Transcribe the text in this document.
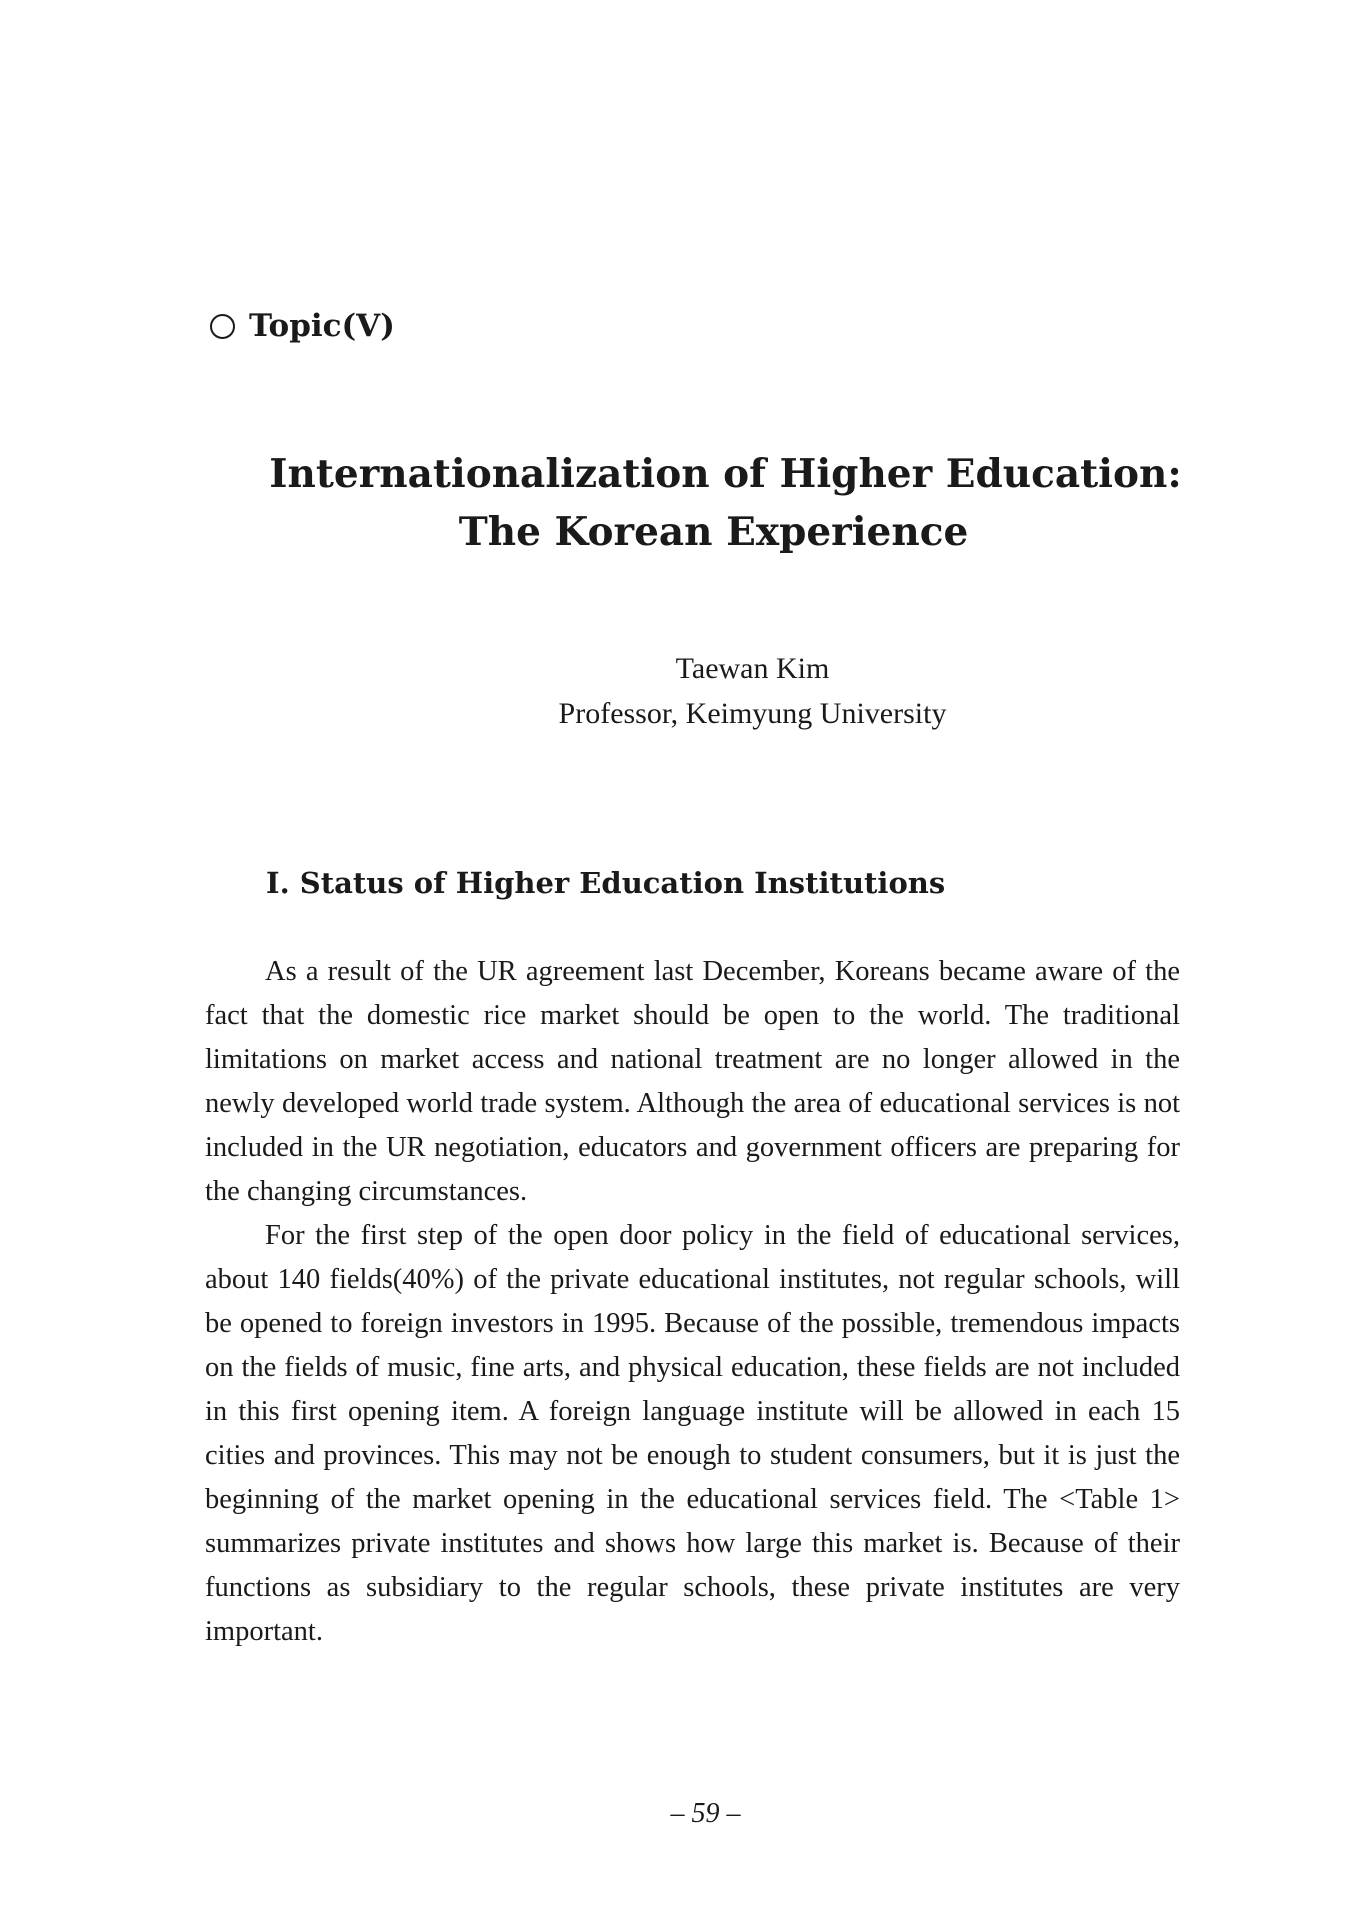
Topic(V)
Internationalization of Higher Education:
The Korean Experience
Taewan Kim
Professor, Keimyung University
I. Status of Higher Education Institutions

As a result of the UR agreement last December, Koreans became aware of the fact that the domestic rice market should be open to the world. The traditional limitations on market access and national treatment are no longer allowed in the newly developed world trade system. Although the area of educational services is not included in the UR negotiation, educators and government officers are preparing for the changing circumstances.

For the first step of the open door policy in the field of educational services, about 140 fields(40%) of the private educational institutes, not regular schools, will be opened to foreign investors in 1995. Because of the possible, tremendous impacts on the fields of music, fine arts, and physical education, these fields are not included in this first opening item. A foreign language institute will be allowed in each 15 cities and provinces. This may not be enough to student consumers, but it is just the beginning of the market opening in the educational services field. The <Table 1> summarizes private institutes and shows how large this market is. Because of their functions as subsidiary to the regular schools, these private institutes are very important.

– 59 –
